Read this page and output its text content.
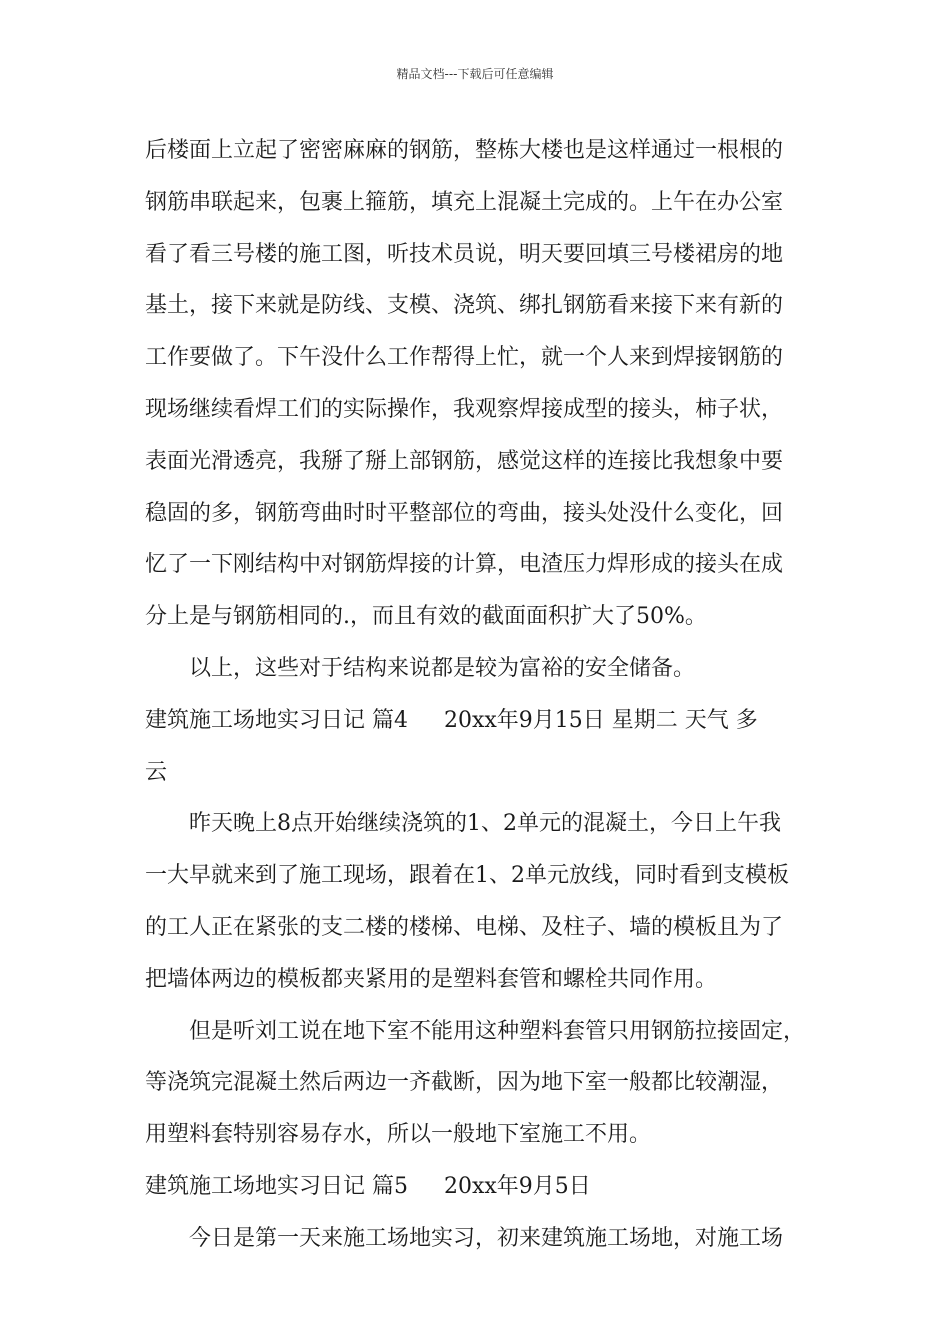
精品文档---下载后可任意编辑
后楼面上立起了密密麻麻的钢筋，整栋大楼也是这样通过一根根的
钢筋串联起来，包裹上箍筋，填充上混凝土完成的。上午在办公室
看了看三号楼的施工图，听技术员说，明天要回填三号楼裙房的地
基土，接下来就是防线、支模、浇筑、绑扎钢筋看来接下来有新的
工作要做了。下午没什么工作帮得上忙，就一个人来到焊接钢筋的
现场继续看焊工们的实际操作，我观察焊接成型的接头，柿子状，
表面光滑透亮，我掰了掰上部钢筋，感觉这样的连接比我想象中要
稳固的多，钢筋弯曲时时平整部位的弯曲，接头处没什么变化，回
忆了一下刚结构中对钢筋焊接的计算，电渣压力焊形成的接头在成
分上是与钢筋相同的.，而且有效的截面面积扩大了50%。
以上，这些对于结构来说都是较为富裕的安全储备。
建筑施工场地实习日记 篇4 20xx年9月15日 星期二 天气 多
云
昨天晚上8点开始继续浇筑的1、2单元的混凝土，今日上午我
一大早就来到了施工现场，跟着在1、2单元放线，同时看到支模板
的工人正在紧张的支二楼的楼梯、电梯、及柱子、墙的模板且为了
把墙体两边的模板都夹紧用的是塑料套管和螺栓共同作用。
但是听刘工说在地下室不能用这种塑料套管只用钢筋拉接固定，
等浇筑完混凝土然后两边一齐截断，因为地下室一般都比较潮湿，
用塑料套特别容易存水，所以一般地下室施工不用。
建筑施工场地实习日记 篇5 20xx年9月5日
今日是第一天来施工场地实习，初来建筑施工场地，对施工场
